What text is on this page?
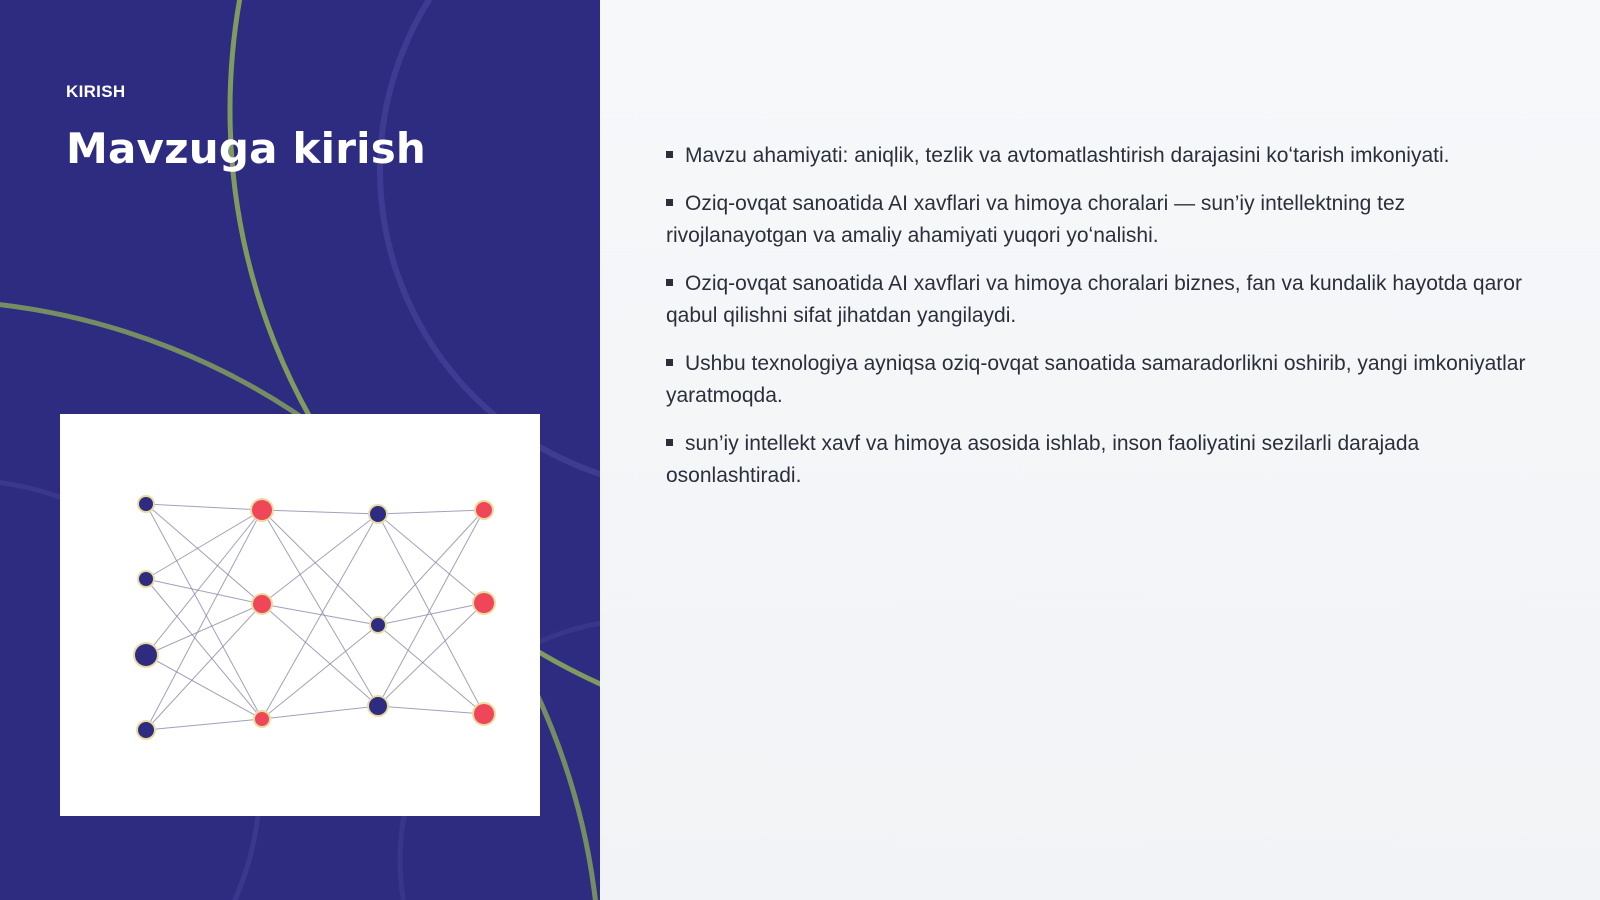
KIRISH
Mavzuga kirish	Mavzu ahamiyati: aniqlik, tezlik va avtomatlashtirish darajasini koʻtarish imkoniyati.
Oziq-ovqat sanoatida AI xavflari va himoya choralari — sun’iy intellektning tez rivojlanayotgan va amaliy ahamiyati yuqori yoʻnalishi.
Oziq-ovqat sanoatida AI xavflari va himoya choralari biznes, fan va kundalik hayotda qaror qabul qilishni sifat jihatdan yangilaydi.
Ushbu texnologiya ayniqsa oziq-ovqat sanoatida samaradorlikni oshirib, yangi imkoniyatlar yaratmoqda.
sun’iy intellekt xavf va himoya asosida ishlab, inson faoliyatini sezilarli darajada osonlashtiradi.
